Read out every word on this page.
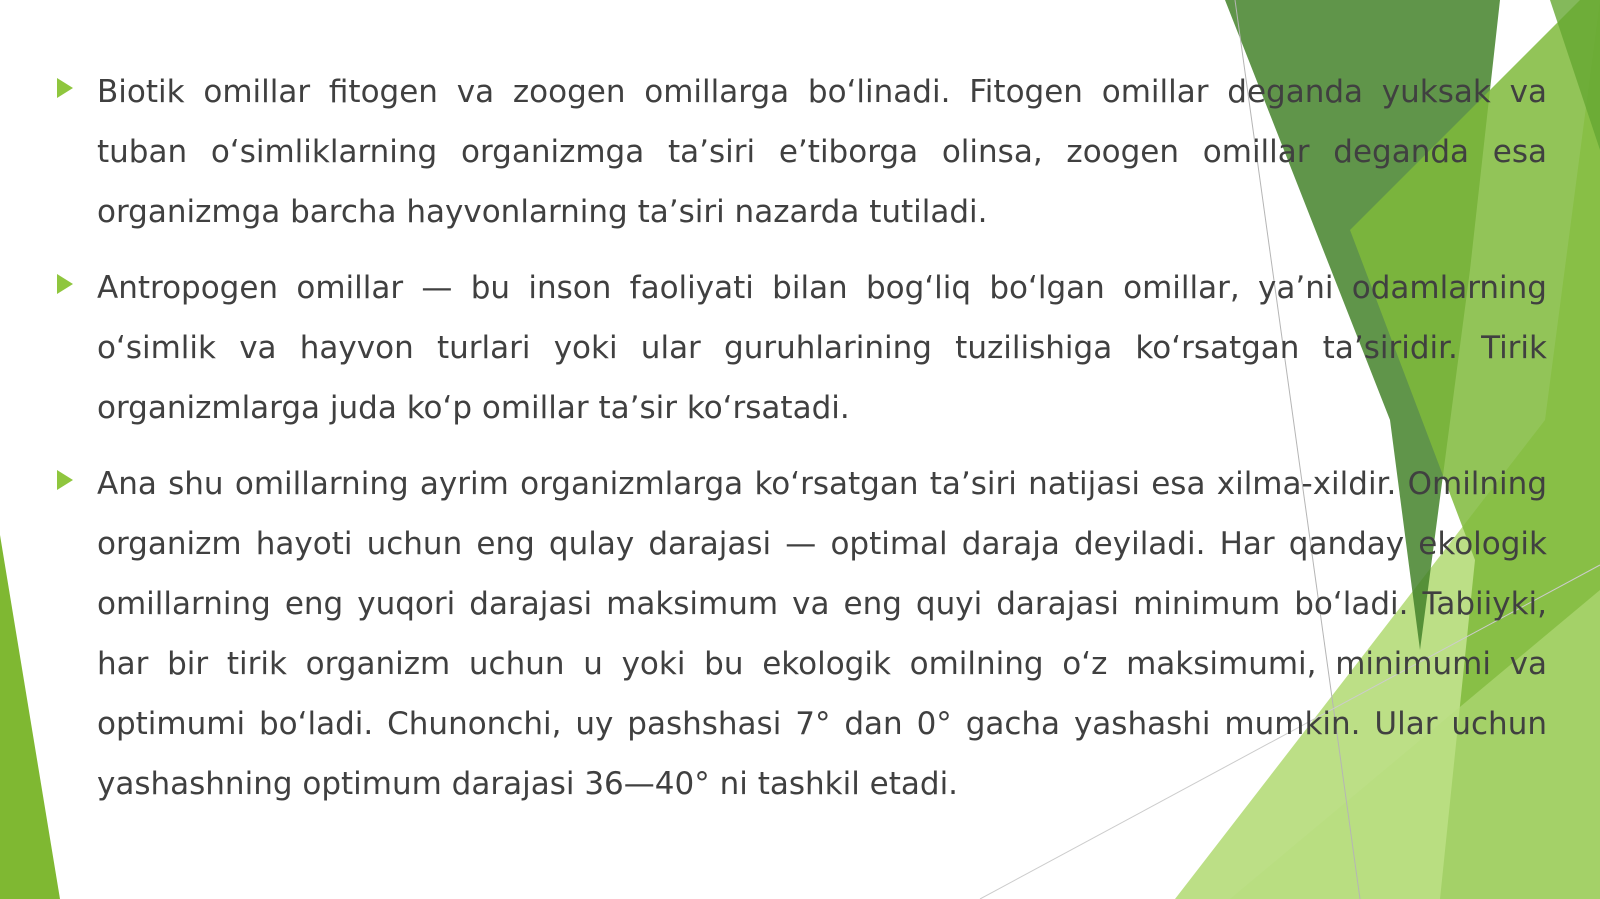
Biotik omillar fitogen va zoogen omillarga bo‘linadi. Fitogen omillar deganda yuksak va tuban o‘simliklarning organizmga ta’siri e’tiborga olinsa, zoogen omillar deganda esa organizmga barcha hayvonlarning ta’siri nazarda tutiladi.

Antropogen omillar — bu inson faoliyati bilan bog‘liq bo‘lgan omillar, ya’ni odamlarning o‘simlik va hayvon turlari yoki ular guruhlarining tuzilishiga ko‘rsatgan ta’siridir. Tirik organizmlarga juda ko‘p omillar ta’sir ko‘rsatadi.

Ana shu omillarning ayrim organizmlarga ko‘rsatgan ta’siri natijasi esa xilma-xildir. Omilning organizm hayoti uchun eng qulay darajasi — optimal daraja deyiladi. Har qanday ekologik omillarning eng yuqori darajasi maksimum va eng quyi darajasi minimum bo‘ladi. Tabiiyki, har bir tirik organizm uchun u yoki bu ekologik omilning o‘z maksimumi, minimumi va optimumi bo‘ladi. Chunonchi, uy pashshasi 7° dan 0° gacha yashashi mumkin. Ular uchun yashashning optimum darajasi 36—40° ni tashkil etadi.
